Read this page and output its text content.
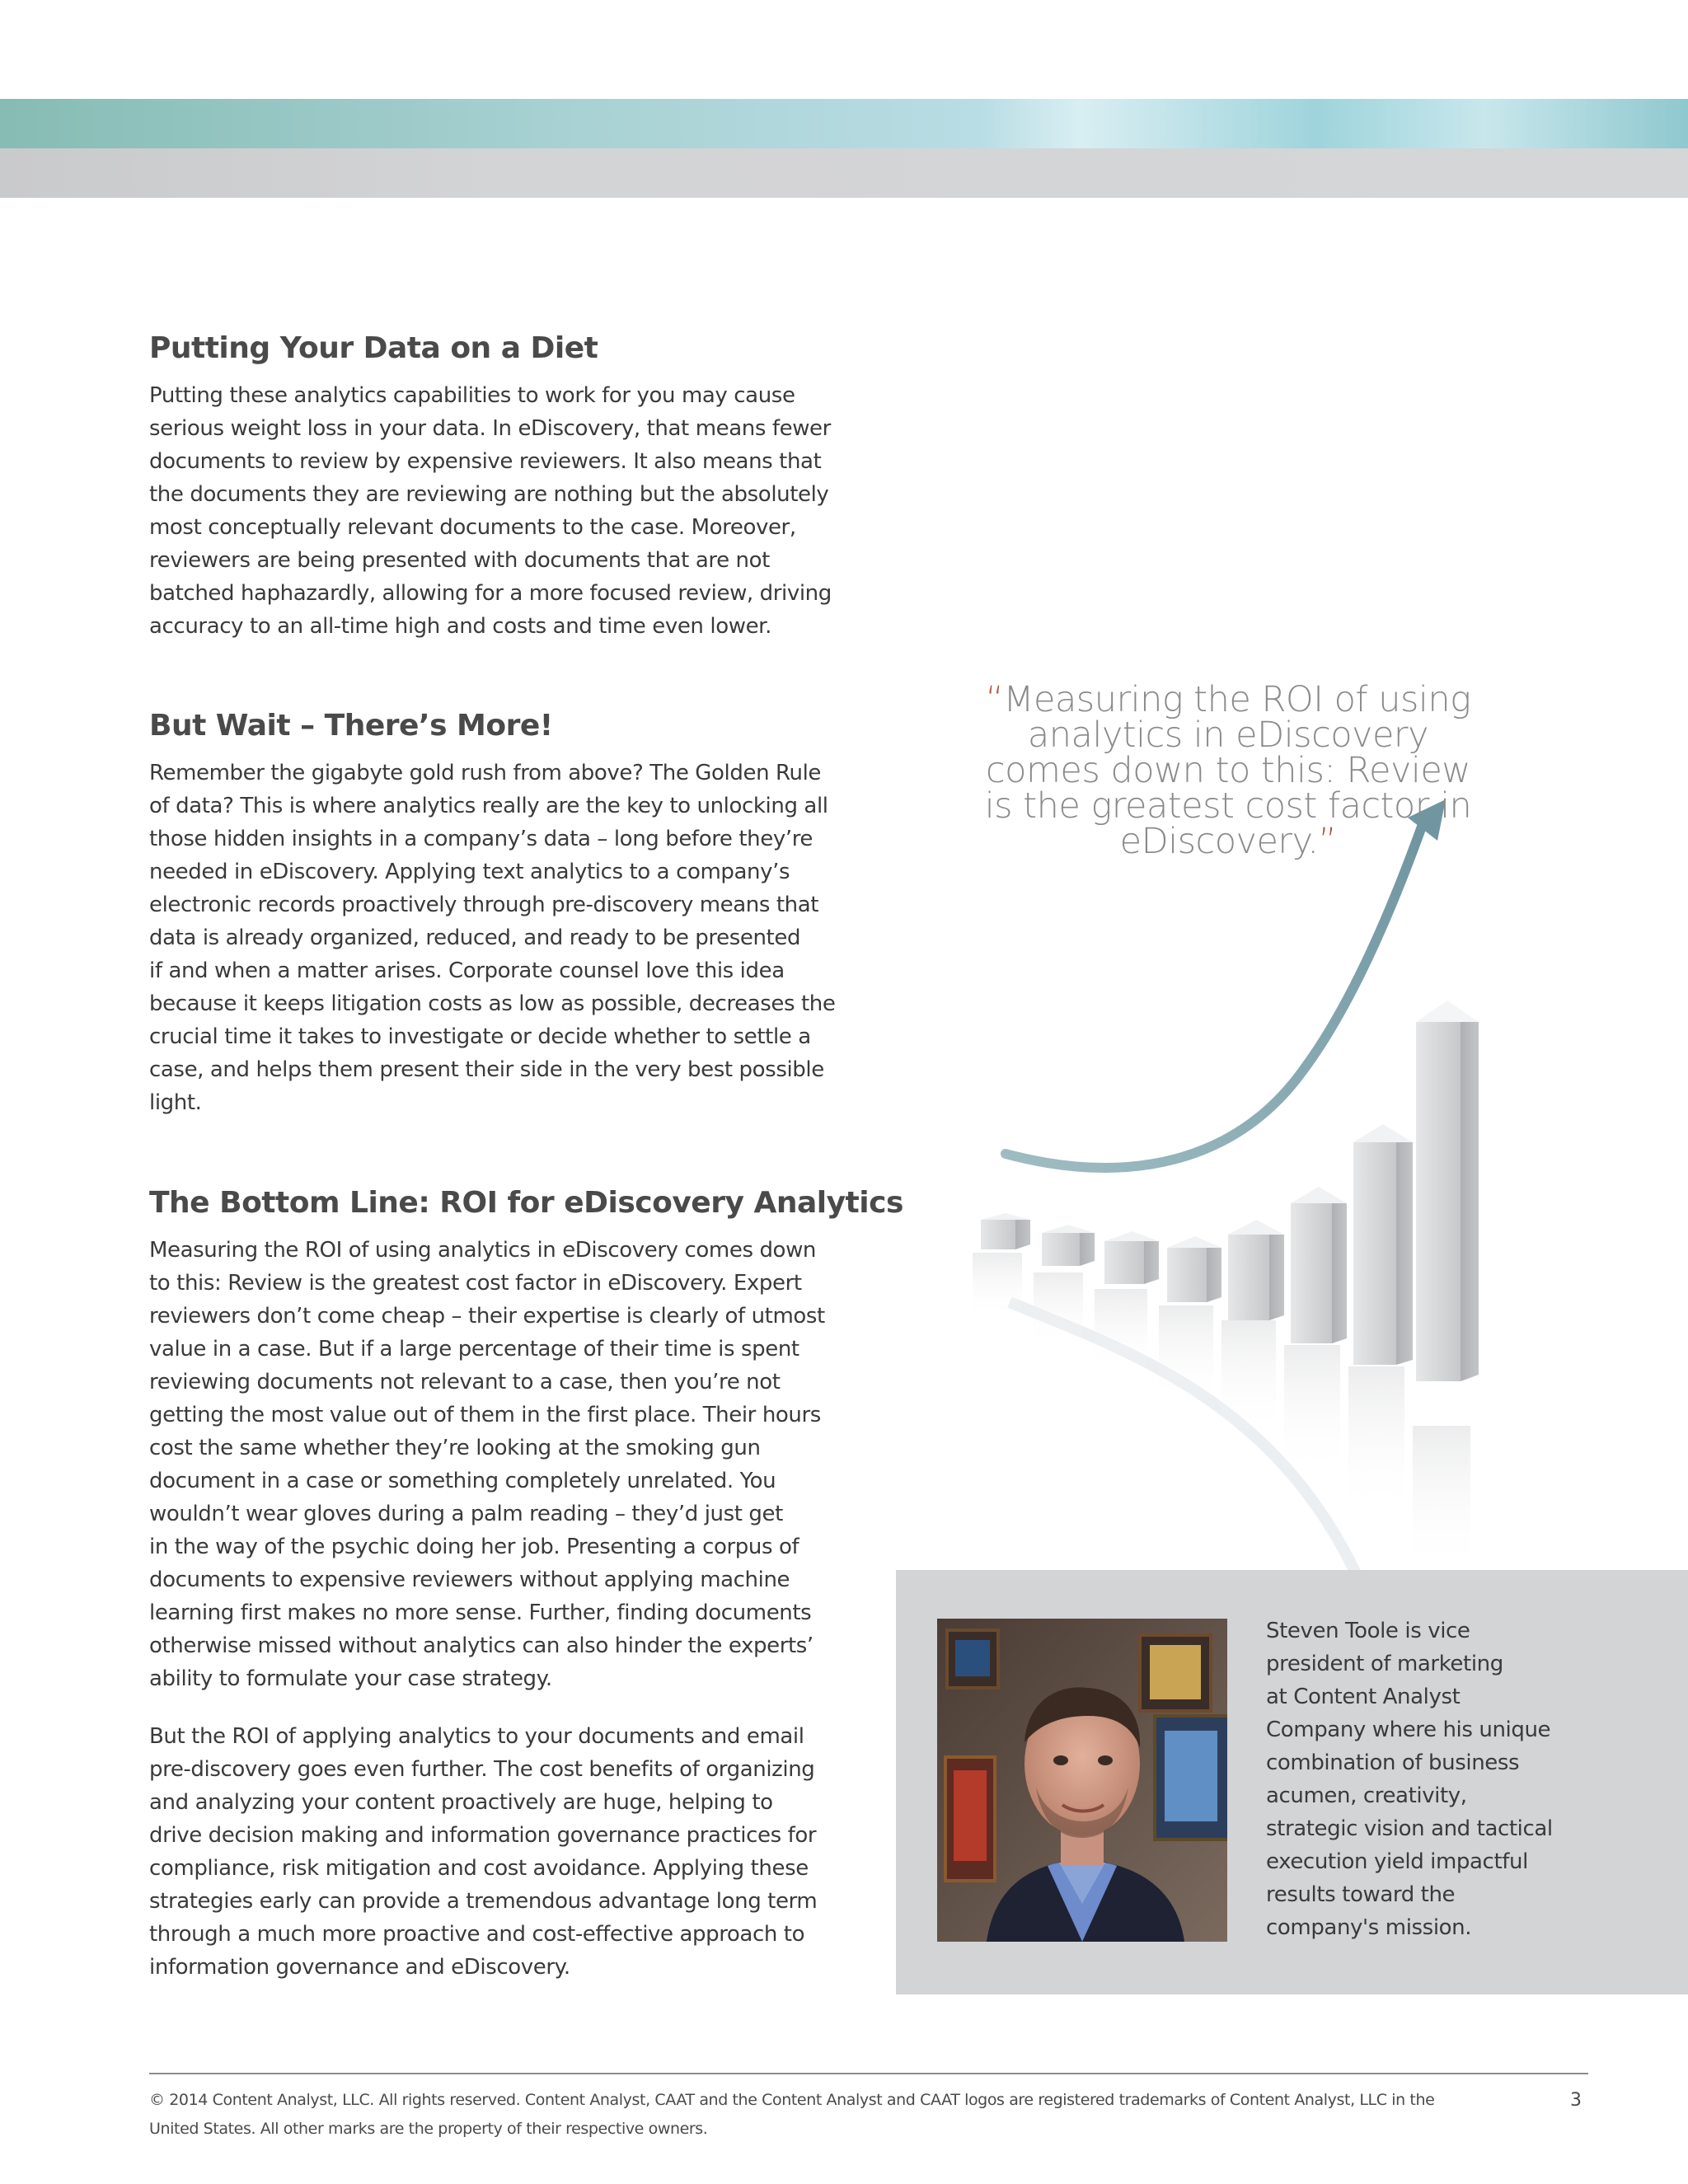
Putting Your Data on a Diet

Putting these analytics capabilities to work for you may cause

serious weight loss in your data. In eDiscovery, that means fewer

documents to review by expensive reviewers. It also means that

the documents they are reviewing are nothing but the absolutely

most conceptually relevant documents to the case. Moreover,

reviewers are being presented with documents that are not

batched haphazardly, allowing for a more focused review, driving

accuracy to an all-time high and costs and time even lower.

But Wait – There’s More!

Remember the gigabyte gold rush from above? The Golden Rule

of data? This is where analytics really are the key to unlocking all

those hidden insights in a company’s data – long before they’re

needed in eDiscovery. Applying text analytics to a company’s

electronic records proactively through pre-discovery means that

data is already organized, reduced, and ready to be presented

if and when a matter arises. Corporate counsel love this idea

because it keeps litigation costs as low as possible, decreases the

crucial time it takes to investigate or decide whether to settle a

case, and helps them present their side in the very best possible

light.

The Bottom Line: ROI for eDiscovery Analytics

Measuring the ROI of using analytics in eDiscovery comes down

to this: Review is the greatest cost factor in eDiscovery. Expert

reviewers don’t come cheap – their expertise is clearly of utmost

value in a case. But if a large percentage of their time is spent

reviewing documents not relevant to a case, then you’re not

getting the most value out of them in the first place. Their hours

cost the same whether they’re looking at the smoking gun

document in a case or something completely unrelated. You

wouldn’t wear gloves during a palm reading – they’d just get

in the way of the psychic doing her job. Presenting a corpus of

documents to expensive reviewers without applying machine

learning first makes no more sense. Further, finding documents

otherwise missed without analytics can also hinder the experts’

ability to formulate your case strategy.

But the ROI of applying analytics to your documents and email

pre-discovery goes even further. The cost benefits of organizing

and analyzing your content proactively are huge, helping to

drive decision making and information governance practices for

compliance, risk mitigation and cost avoidance. Applying these

strategies early can provide a tremendous advantage long term

through a much more proactive and cost-effective approach to

information governance and eDiscovery.

“Measuring the ROI of using
analytics in eDiscovery
comes down to this: Review
is the greatest cost factor in
eDiscovery.”
Steven Toole is vice
president of marketing
at Content Analyst
Company where his unique
combination of business
acumen, creativity,
strategic vision and tactical
execution yield impactful
results toward the
company's mission.
© 2014 Content Analyst, LLC. All rights reserved. Content Analyst, CAAT and the Content Analyst and CAAT logos are registered trademarks of Content Analyst, LLC in the
United States. All other marks are the property of their respective owners.
3
